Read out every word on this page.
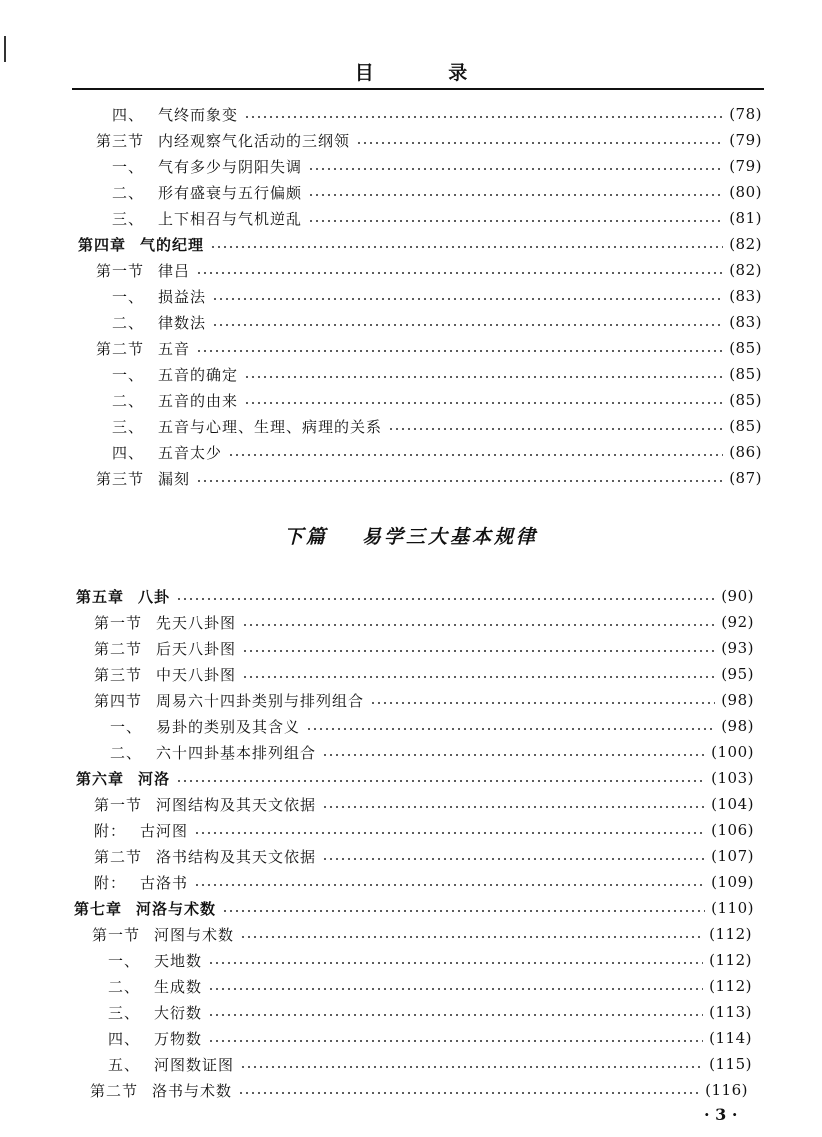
目 录
四、 气终而象变	(78)
第三节 内经观察气化活动的三纲领	(79)
一、 气有多少与阴阳失调	(79)
二、 形有盛衰与五行偏颇	(80)
三、 上下相召与气机逆乱	(81)
第四章 气的纪理	(82)
第一节 律吕	(82)
一、 损益法	(83)
二、 律数法	(83)
第二节 五音	(85)
一、 五音的确定	(85)
二、 五音的由来	(85)
三、 五音与心理、生理、病理的关系	(85)
四、 五音太少	(86)
第三节 漏刻	(87)
第五章 八卦	(90)
第一节 先天八卦图	(92)
第二节 后天八卦图	(93)
第三节 中天八卦图	(95)
第四节 周易六十四卦类别与排列组合	(98)
一、 易卦的类别及其含义	(98)
二、 六十四卦基本排列组合	(100)
第六章 河洛	(103)
第一节 河图结构及其天文依据	(104)
附： 古河图	(106)
第二节 洛书结构及其天文依据	(107)
附： 古洛书	(109)
第七章 河洛与术数	(110)
第一节 河图与术数	(112)
一、 天地数	(112)
二、 生成数	(112)
三、 大衍数	(113)
四、 万物数	(114)
五、 河图数证图	(115)
第二节 洛书与术数	(116)
下篇 易学三大基本规律
· 3 ·
